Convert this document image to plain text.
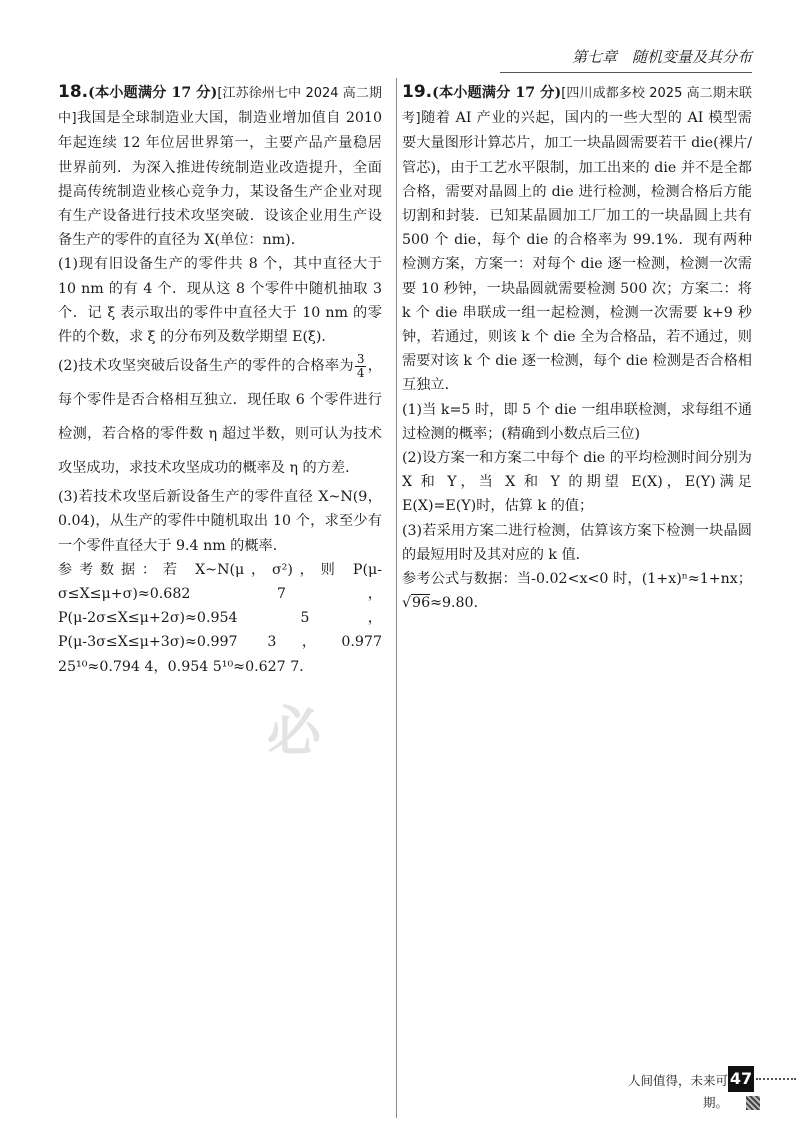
第七章　随机变量及其分布

18.(本小题满分 17 分)[江苏徐州七中 2024 高二期中]我国是全球制造业大国，制造业增加值自 2010 年起连续 12 年位居世界第一，主要产品产量稳居世界前列．为深入推进传统制造业改造提升，全面提高传统制造业核心竞争力，某设备生产企业对现有生产设备进行技术攻坚突破．设该企业用生产设备生产的零件的直径为 X(单位：nm)．

(1)现有旧设备生产的零件共 8 个，其中直径大于 10 nm 的有 4 个．现从这 8 个零件中随机抽取 3 个．记 ξ 表示取出的零件中直径大于 10 nm 的零件的个数，求 ξ 的分布列及数学期望 E(ξ)．

(2)技术攻坚突破后设备生产的零件的合格率为 $\frac{3}{4}$ ，每个零件是否合格相互独立．现任取 6 个零件进行检测，若合格的零件数 η 超过半数，则可认为技术攻坚成功，求技术攻坚成功的概率及 η 的方差．

(3)若技术攻坚后新设备生产的零件直径 X~N(9，0.04)，从生产的零件中随机取出 10 个，求至少有一个零件直径大于 9.4 nm 的概率．

参考数据：若 X~N(μ，σ²)，则 P(μ-σ≤X≤μ+σ)≈0.682 7，P(μ-2σ≤X≤μ+2σ)≈0.954 5，P(μ-3σ≤X≤μ+3σ)≈0.997 3，0.977 25¹⁰≈0.794 4，0.954 5¹⁰≈0.627 7．

19.(本小题满分 17 分)[四川成都多校 2025 高二期末联考]随着 AI 产业的兴起，国内的一些大型的 AI 模型需要大量图形计算芯片，加工一块晶圆需要若干 die(裸片/管芯)，由于工艺水平限制，加工出来的 die 并不是全都合格，需要对晶圆上的 die 进行检测，检测合格后方能切割和封装．已知某晶圆加工厂加工的一块晶圆上共有 500 个 die，每个 die 的合格率为 99.1%．现有两种检测方案，方案一：对每个 die 逐一检测，检测一次需要 10 秒钟，一块晶圆就需要检测 500 次；方案二：将 k 个 die 串联成一组一起检测，检测一次需要 k+9 秒钟，若通过，则该 k 个 die 全为合格品，若不通过，则需要对该 k 个 die 逐一检测，每个 die 检测是否合格相互独立．

(1)当 k=5 时，即 5 个 die 一组串联检测，求每组不通过检测的概率；(精确到小数点后三位)

(2)设方案一和方案二中每个 die 的平均检测时间分别为 X 和 Y，当 X 和 Y 的期望 E(X)，E(Y)满足 E(X)=E(Y)时，估算 k 的值；

(3)若采用方案二进行检测，估算该方案下检测一块晶圆的最短用时及其对应的 k 值．

参考公式与数据：当-0.02<x<0 时，(1+x)ⁿ≈1+nx；√96≈9.80．

必
人间值得，未来可期。
47
